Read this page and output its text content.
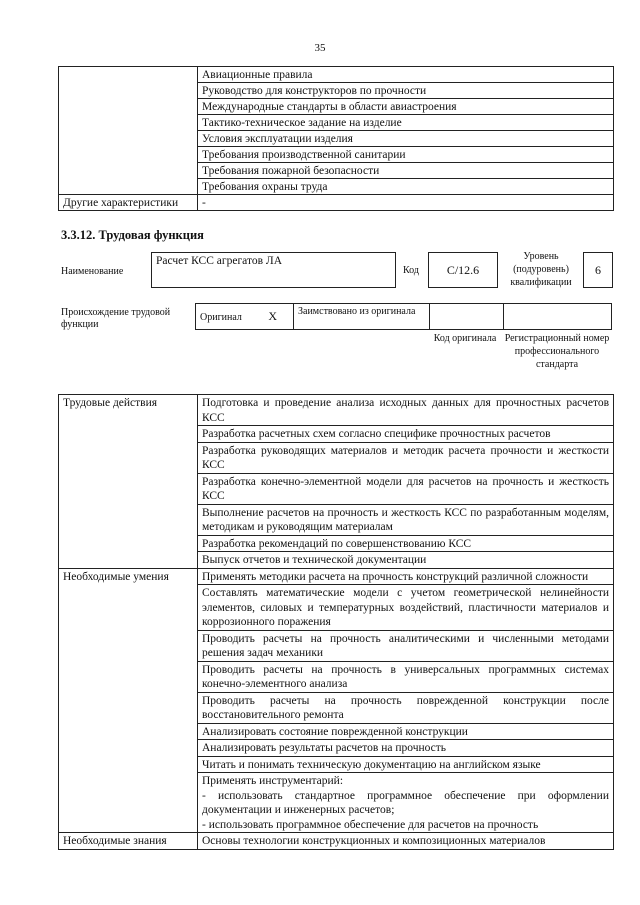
35
	Авиационные правила
	Руководство для конструкторов по прочности
	Международные стандарты в области авиастроения
	Тактико-техническое задание на изделие
	Условия эксплуатации изделия
	Требования производственной санитарии
	Требования пожарной безопасности
	Требования охраны труда
Другие характеристики	-
3.3.12. Трудовая функция
Наименование
Расчет КСС агрегатов ЛА
Код	С/12.6
Уровень (подуровень) квалификации
6
Происхождение трудовой функции
Оригинал X	Заимствовано из оригинала		
Код оригинала Регистрационный номер профессионального стандарта
Трудовые действия	Подготовка и проведение анализа исходных данных для прочностных расчетов КСС
	Разработка расчетных схем согласно специфике прочностных расчетов
	Разработка руководящих материалов и методик расчета прочности и жесткости КСС
	Разработка конечно-элементной модели для расчетов на прочность и жесткость КСС
	Выполнение расчетов на прочность и жесткость КСС по разработанным моделям, методикам и руководящим материалам
	Разработка рекомендаций по совершенствованию КСС
	Выпуск отчетов и технической документации
Необходимые умения	Применять методики расчета на прочность конструкций различной сложности
	Составлять математические модели с учетом геометрической нелинейности элементов, силовых и температурных воздействий, пластичности материалов и коррозионного поражения
	Проводить расчеты на прочность аналитическими и численными методами решения задач механики
	Проводить расчеты на прочность в универсальных программных системах конечно-элементного анализа
	Проводить расчеты на прочность поврежденной конструкции после восстановительного ремонта
	Анализировать состояние поврежденной конструкции
	Анализировать результаты расчетов на прочность
	Читать и понимать техническую документацию на английском языке

	Применять инструментарий:
- использовать стандартное программное обеспечение при оформлении документации и инженерных расчетов;
- использовать программное обеспечение для расчетов на прочность

Необходимые знания	Основы технологии конструкционных и композиционных материалов
